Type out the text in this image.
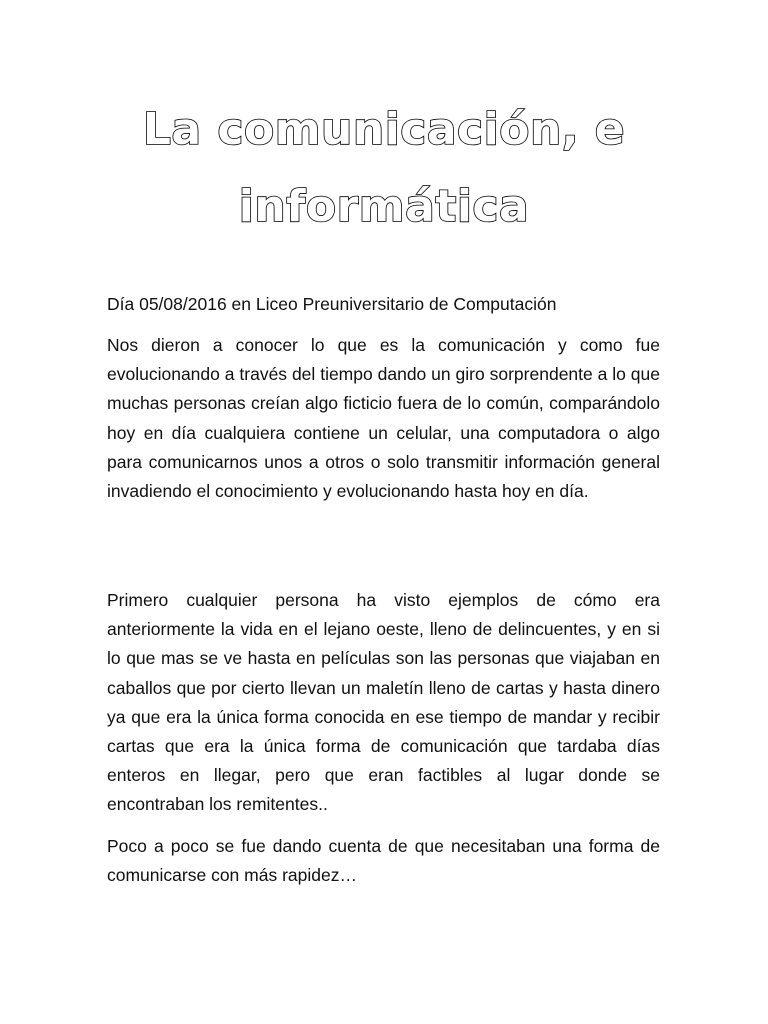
La comunicación, e
informática

Día 05/08/2016 en Liceo Preuniversitario de Computación

Nos dieron a conocer lo que es la comunicación y como fue evolucionando a través del tiempo dando un giro sorprendente a lo que muchas personas creían algo ficticio fuera de lo común, comparándolo hoy en día cualquiera contiene un celular, una computadora o algo para comunicarnos unos a otros o solo transmitir información general invadiendo el conocimiento y evolucionando hasta hoy en día.

Primero cualquier persona ha visto ejemplos de cómo era anteriormente la vida en el lejano oeste, lleno de delincuentes, y en si lo que mas se ve hasta en películas son las personas que viajaban en caballos que por cierto llevan un maletín lleno de cartas y hasta dinero ya que era la única forma conocida en ese tiempo de mandar y recibir cartas que era la única forma de comunicación que tardaba días enteros en llegar, pero que eran factibles al lugar donde se encontraban los remitentes..

Poco a poco se fue dando cuenta de que necesitaban una forma de comunicarse con más rapidez…
